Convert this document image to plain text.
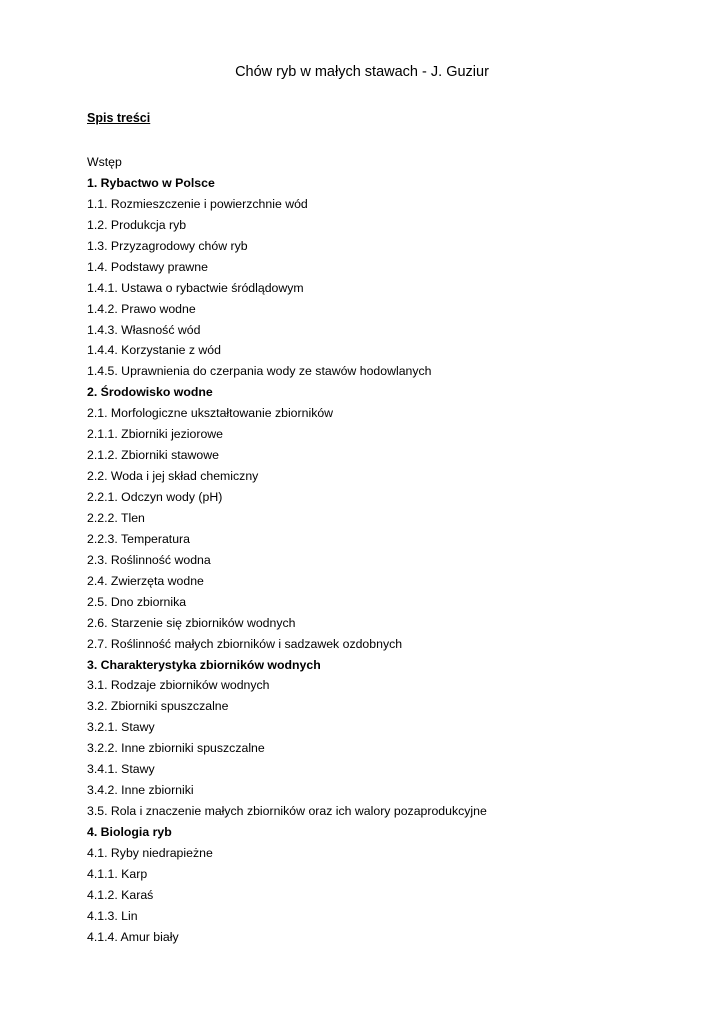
Chów ryb w małych stawach - J. Guziur
Spis treści
Wstęp
1. Rybactwo w Polsce
1.1. Rozmieszczenie i powierzchnie wód
1.2. Produkcja ryb
1.3. Przyzagrodowy chów ryb
1.4. Podstawy prawne
1.4.1. Ustawa o rybactwie śródlądowym
1.4.2. Prawo wodne
1.4.3. Własność wód
1.4.4. Korzystanie z wód
1.4.5. Uprawnienia do czerpania wody ze stawów hodowlanych
2. Środowisko wodne
2.1. Morfologiczne ukształtowanie zbiorników
2.1.1. Zbiorniki jeziorowe
2.1.2. Zbiorniki stawowe
2.2. Woda i jej skład chemiczny
2.2.1. Odczyn wody (pH)
2.2.2. Tlen
2.2.3. Temperatura
2.3. Roślinność wodna
2.4. Zwierzęta wodne
2.5. Dno zbiornika
2.6. Starzenie się zbiorników wodnych
2.7. Roślinność małych zbiorników i sadzawek ozdobnych
3. Charakterystyka zbiorników wodnych
3.1. Rodzaje zbiorników wodnych
3.2. Zbiorniki spuszczalne
3.2.1. Stawy
3.2.2. Inne zbiorniki spuszczalne
3.4.1. Stawy
3.4.2. Inne zbiorniki
3.5. Rola i znaczenie małych zbiorników oraz ich walory pozaprodukcyjne
4. Biologia ryb
4.1. Ryby niedrapieżne
4.1.1. Karp
4.1.2. Karaś
4.1.3. Lin
4.1.4. Amur biały
